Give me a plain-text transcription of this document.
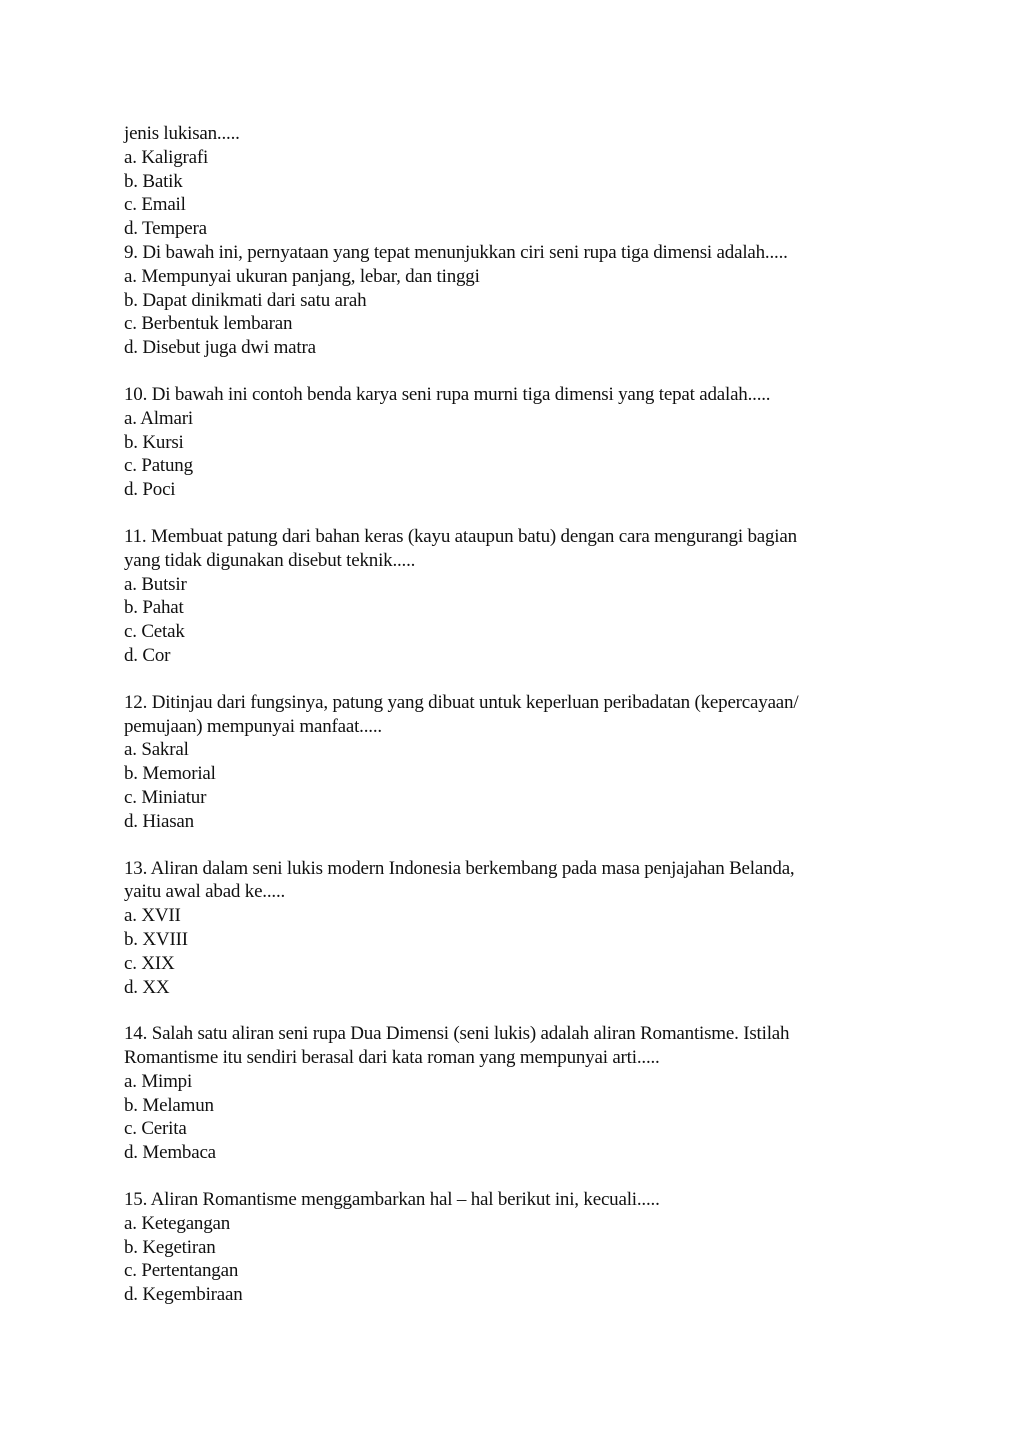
jenis lukisan.....
a. Kaligrafi
b. Batik
c. Email
d. Tempera
9. Di bawah ini, pernyataan yang tepat menunjukkan ciri seni rupa tiga dimensi adalah.....
a. Mempunyai ukuran panjang, lebar, dan tinggi
b. Dapat dinikmati dari satu arah
c. Berbentuk lembaran
d. Disebut juga dwi matra
10. Di bawah ini contoh benda karya seni rupa murni tiga dimensi yang tepat adalah.....
a. Almari
b. Kursi
c. Patung
d. Poci
11. Membuat patung dari bahan keras (kayu ataupun batu) dengan cara mengurangi bagian
yang tidak digunakan disebut teknik.....
a. Butsir
b. Pahat
c. Cetak
d. Cor
12. Ditinjau dari fungsinya, patung yang dibuat untuk keperluan peribadatan (kepercayaan/
pemujaan) mempunyai manfaat.....
a. Sakral
b. Memorial
c. Miniatur
d. Hiasan
13. Aliran dalam seni lukis modern Indonesia berkembang pada masa penjajahan Belanda,
yaitu awal abad ke.....
a. XVII
b. XVIII
c. XIX
d. XX
14. Salah satu aliran seni rupa Dua Dimensi (seni lukis) adalah aliran Romantisme. Istilah
Romantisme itu sendiri berasal dari kata roman yang mempunyai arti.....
a. Mimpi
b. Melamun
c. Cerita
d. Membaca
15. Aliran Romantisme menggambarkan hal – hal berikut ini, kecuali.....
a. Ketegangan
b. Kegetiran
c. Pertentangan
d. Kegembiraan
